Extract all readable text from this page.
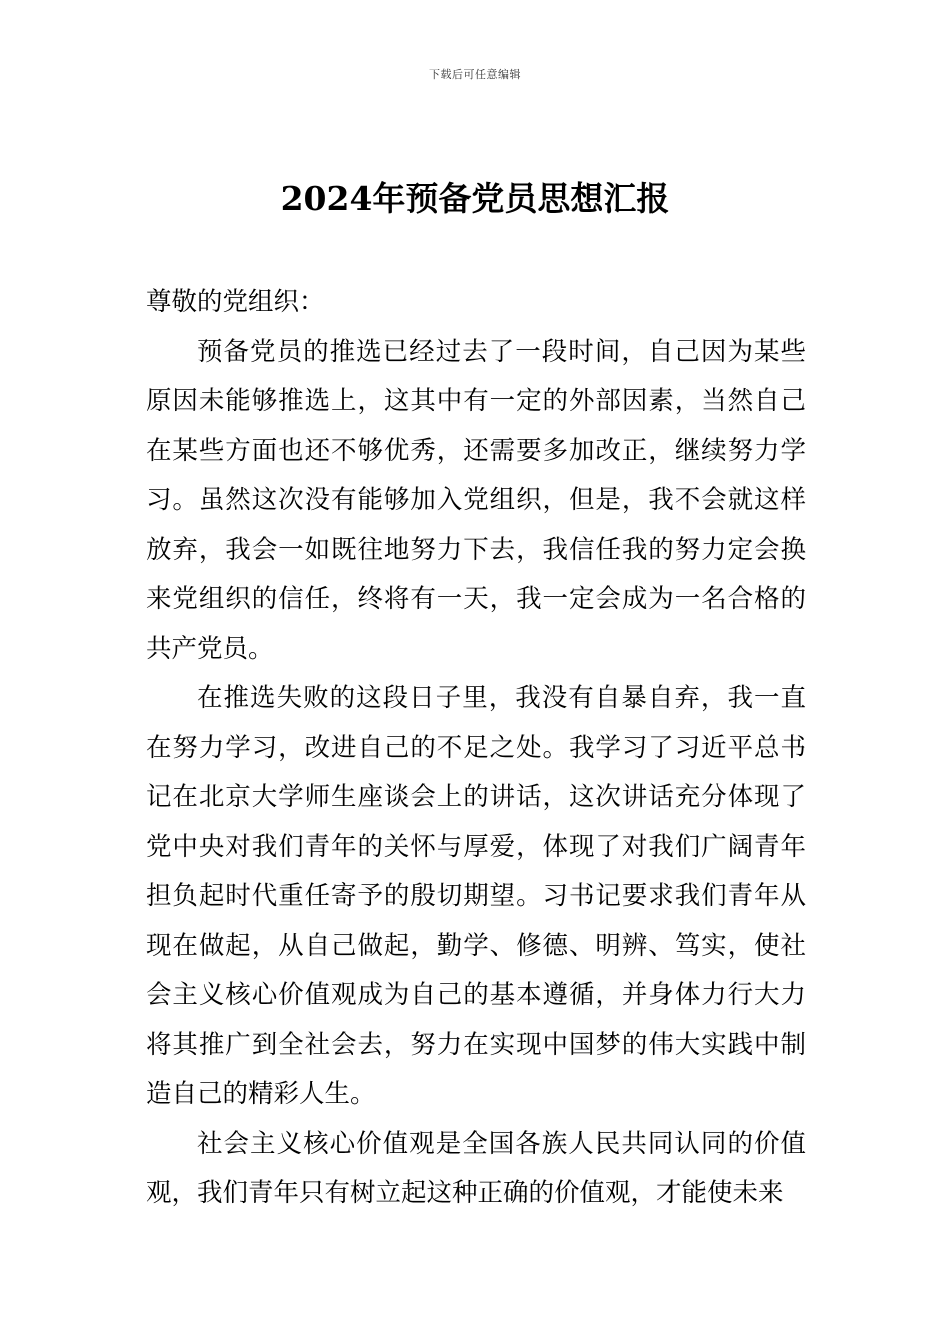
下载后可任意编辑
2024年预备党员思想汇报

尊敬的党组织：

预备党员的推选已经过去了一段时间，自己因为某些原因未能够推选上，这其中有一定的外部因素，当然自己在某些方面也还不够优秀，还需要多加改正，继续努力学习。虽然这次没有能够加入党组织，但是，我不会就这样放弃，我会一如既往地努力下去，我信任我的努力定会换来党组织的信任，终将有一天，我一定会成为一名合格的共产党员。

在推选失败的这段日子里，我没有自暴自弃，我一直在努力学习，改进自己的不足之处。我学习了习近平总书记在北京大学师生座谈会上的讲话，这次讲话充分体现了党中央对我们青年的关怀与厚爱，体现了对我们广阔青年担负起时代重任寄予的殷切期望。习书记要求我们青年从现在做起，从自己做起，勤学、修德、明辨、笃实，使社会主义核心价值观成为自己的基本遵循，并身体力行大力将其推广到全社会去，努力在实现中国梦的伟大实践中制造自己的精彩人生。

社会主义核心价值观是全国各族人民共同认同的价值观，我们青年只有树立起这种正确的价值观，才能使未来
